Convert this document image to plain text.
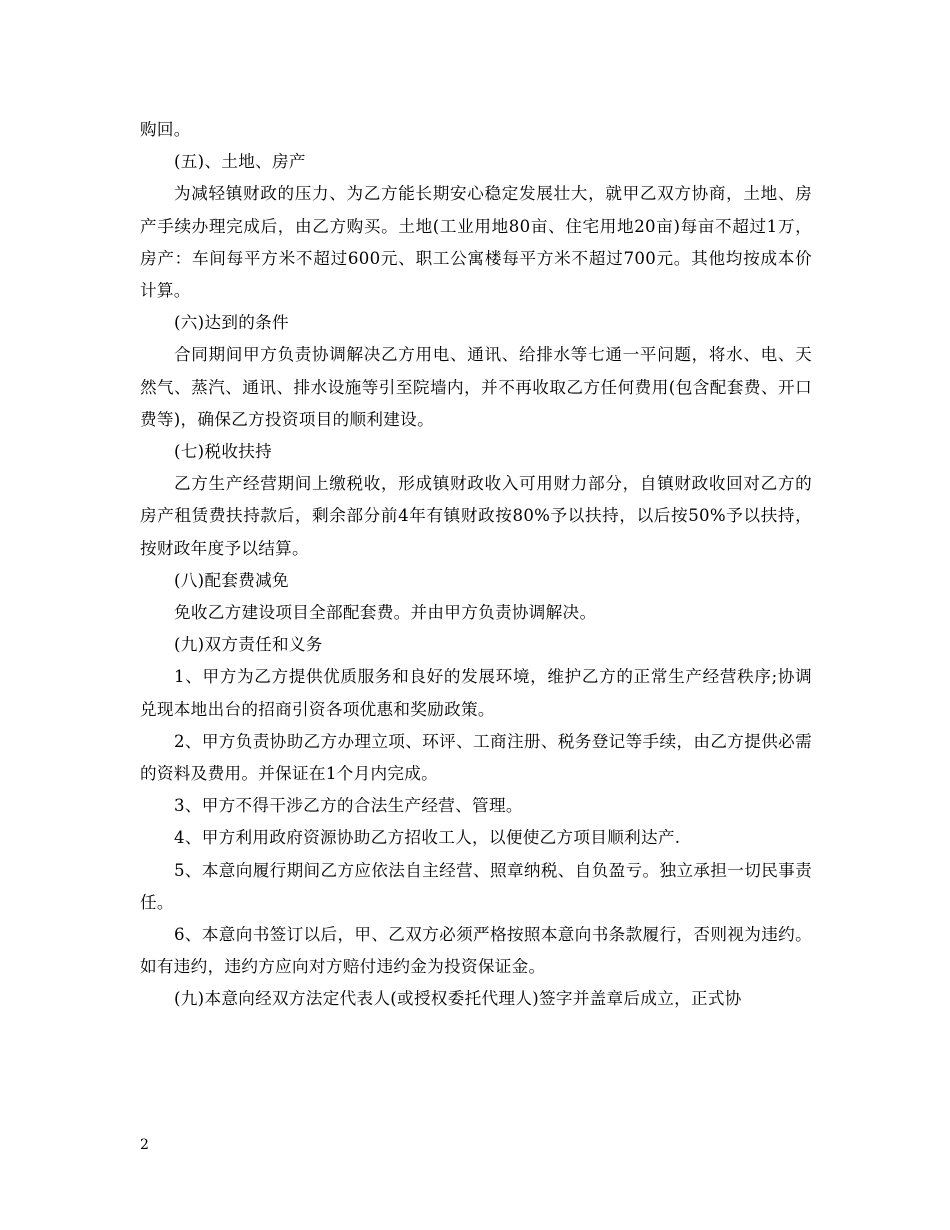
购回。

(五)、土地、房产

为减轻镇财政的压力、为乙方能长期安心稳定发展壮大，就甲乙双方协商，土地、房产手续办理完成后，由乙方购买。土地(工业用地80亩、住宅用地20亩)每亩不超过1万，房产：车间每平方米不超过600元、职工公寓楼每平方米不超过700元。其他均按成本价计算。

(六)达到的条件

合同期间甲方负责协调解决乙方用电、通讯、给排水等七通一平问题，将水、电、天然气、蒸汽、通讯、排水设施等引至院墙内，并不再收取乙方任何费用(包含配套费、开口费等)，确保乙方投资项目的顺利建设。

(七)税收扶持

乙方生产经营期间上缴税收，形成镇财政收入可用财力部分，自镇财政收回对乙方的房产租赁费扶持款后，剩余部分前4年有镇财政按80%予以扶持，以后按50%予以扶持，按财政年度予以结算。

(八)配套费减免

免收乙方建设项目全部配套费。并由甲方负责协调解决。

(九)双方责任和义务

1、甲方为乙方提供优质服务和良好的发展环境，维护乙方的正常生产经营秩序;协调兑现本地出台的招商引资各项优惠和奖励政策。

2、甲方负责协助乙方办理立项、环评、工商注册、税务登记等手续，由乙方提供必需的资料及费用。并保证在1个月内完成。

3、甲方不得干涉乙方的合法生产经营、管理。

4、甲方利用政府资源协助乙方招收工人，以便使乙方项目顺利达产.

5、本意向履行期间乙方应依法自主经营、照章纳税、自负盈亏。独立承担一切民事责任。

6、本意向书签订以后，甲、乙双方必须严格按照本意向书条款履行，否则视为违约。如有违约，违约方应向对方赔付违约金为投资保证金。

(九)本意向经双方法定代表人(或授权委托代理人)签字并盖章后成立，正式协

2
